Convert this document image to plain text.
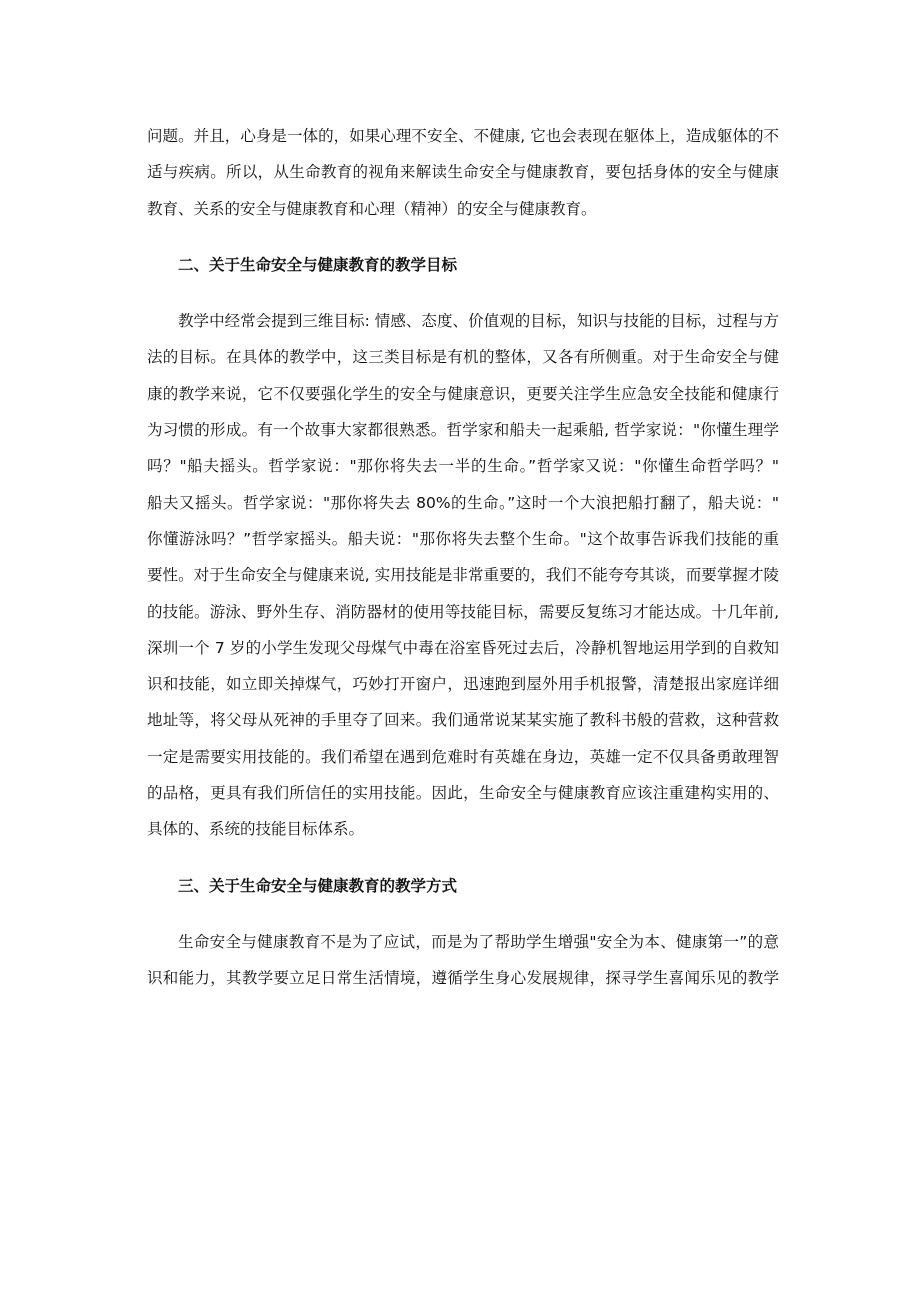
问题。并且，心身是一体的，如果心理不安全、不健康, 它也会表现在躯体上，造成躯体的不
适与疾病。所以，从生命教育的视角来解读生命安全与健康教育，要包括身体的安全与健康
教育、关系的安全与健康教育和心理（精神）的安全与健康教育。
二、关于生命安全与健康教育的教学目标
教学中经常会提到三维目标: 情感、态度、价值观的目标，知识与技能的目标，过程与方
法的目标。在具体的教学中，这三类目标是有机的整体，又各有所侧重。对于生命安全与健
康的教学来说，它不仅要强化学生的安全与健康意识，更要关注学生应急安全技能和健康行
为习惯的形成。有一个故事大家都很熟悉。哲学家和船夫一起乘船, 哲学家说："你懂生理学
吗？"船夫摇头。哲学家说："那你将失去一半的生命。”哲学家又说："你懂生命哲学吗？"
船夫又摇头。哲学家说："那你将失去 80%的生命。”这时一个大浪把船打翻了，船夫说："
你懂游泳吗？”哲学家摇头。船夫说："那你将失去整个生命。"这个故事告诉我们技能的重
要性。对于生命安全与健康来说, 实用技能是非常重要的，我们不能夸夸其谈，而要掌握才陵
的技能。游泳、野外生存、消防器材的使用等技能目标，需要反复练习才能达成。十几年前,
深圳一个 7 岁的小学生发现父母煤气中毒在浴室昏死过去后，冷静机智地运用学到的自救知
识和技能，如立即关掉煤气，巧妙打开窗户，迅速跑到屋外用手机报警，清楚报出家庭详细
地址等，将父母从死神的手里夺了回来。我们通常说某某实施了教科书般的营救，这种营救
一定是需要实用技能的。我们希望在遇到危难时有英雄在身边，英雄一定不仅具备勇敢理智
的品格，更具有我们所信任的实用技能。因此，生命安全与健康教育应该注重建构实用的、
具体的、系统的技能目标体系。
三、关于生命安全与健康教育的教学方式
生命安全与健康教育不是为了应试，而是为了帮助学生增强"安全为本、健康第一”的意
识和能力，其教学要立足日常生活情境，遵循学生身心发展规律，探寻学生喜闻乐见的教学
